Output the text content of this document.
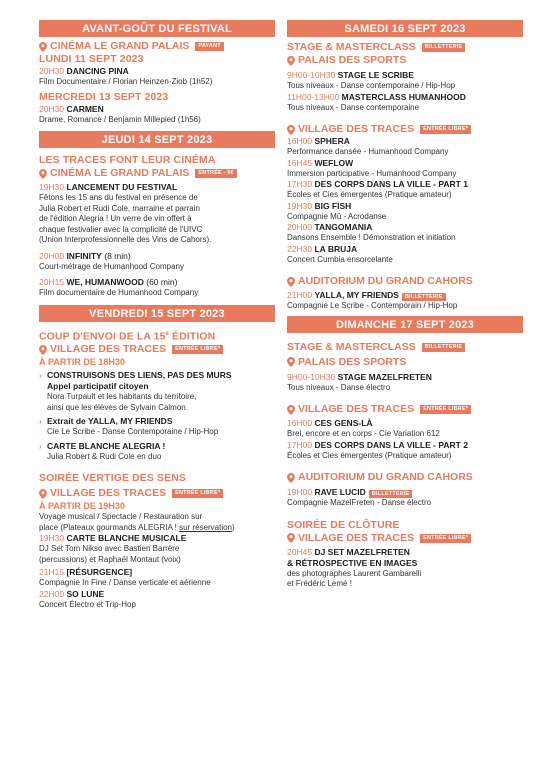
AVANT-GOÛT DU FESTIVAL
CINÉMA LE GRAND PALAIS	PAYANT
LUNDI 11 SEPT 2023
20H30 DANCING PINA
Film Documentaire / Florian Heinzen-Ziob (1h52)
MERCREDI 13 SEPT 2023
20H30 CARMEN
Drame, Romance / Benjamin Millepied (1h56)
JEUDI 14 SEPT 2023
LES TRACES FONT LEUR CINÉMA
CINÉMA LE GRAND PALAIS	ENTRÉE - 6€
19H30 LANCEMENT DU FESTIVAL
Fêtons les 15 ans du festival en présence de
Julia Robert et Rudi Cole, marraine et parrain
de l'édition Alegria ! Un verre de vin offert à
chaque festivalier avec la complicité de l'UIVC
(Union Interprofessionnelle des Vins de Cahors).
20H00 INFINITY (8 min)
Court-métrage de Humanhood Company
20H15 WE, HUMANWOOD (60 min)
Film documentaire de Humanhood Company
VENDREDI 15 SEPT 2023
COUP D'ENVOI DE LA 15e ÉDITION
VILLAGE DES TRACES	ENTRÉE LIBRE*
À PARTIR DE 18H30
› CONSTRUISONS DES LIENS, PAS DES MURS
Appel participatif citoyen
Nora Turpault et les habitants du territoire,
ainsi que les élèves de Sylvain Calmon.
› Extrait de YALLA, MY FRIENDS
Cie Le Scribe - Danse Contemporaine / Hip-Hop
› CARTE BLANCHE ALEGRIA !
Julia Robert & Rudi Cole en duo
SOIRÉE VERTIGE DES SENS
VILLAGE DES TRACES	ENTRÉE LIBRE*
À PARTIR DE 19H30
Voyage musical / Spectacle / Restauration sur
place (Plateaux gourmands ALEGRIA ! sur réservation)
19H30 CARTE BLANCHE MUSICALE
DJ Set Tom Nikso avec Bastien Barrère
(percussions) et Raphaël Montaut (voix)
21H15 [RÉSURGENCE]
Compagnie In Fine / Danse verticale et aérienne
22H00 SO LUNE
Concert Électro et Trip-Hop
SAMEDI 16 SEPT 2023
STAGE & MASTERCLASS	BILLETTERIE
PALAIS DES SPORTS
9H00-10H30 STAGE LE SCRIBE
Tous niveaux - Danse contemporaine / Hip-Hop
11H00-13H00 MASTERCLASS HUMANHOOD
Tous niveaux - Danse contemporaine
VILLAGE DES TRACES	ENTRÉE LIBRE*
16H00 SPHERA
Performance dansée - Humanhood Company
16H45 WEFLOW
Immersion participative - Humanhood Company
17H30 DES CORPS DANS LA VILLE - PART 1
Écoles et Cies émergentes (Pratique amateur)
19H30 BIG FISH
Compagnie Mû - Acrodanse
20H00 TANGOMANIA
Dansons Ensemble ! Démonstration et initiation
22H30 LA BRUJA
Concert Cumbia ensorcelante
AUDITORIUM DU GRAND CAHORS
21H00 YALLA, MY FRIENDS BILLETTERIE
Compagnie Le Scribe - Contemporain / Hip-Hop
DIMANCHE 17 SEPT 2023
STAGE & MASTERCLASS	BILLETTERIE
PALAIS DES SPORTS
9H00-10H30 STAGE MAZELFRETEN
Tous niveaux - Danse électro
VILLAGE DES TRACES	ENTRÉE LIBRE*
16H00 CES GENS-LÀ
Brel, encore et en corps - Cie Variation 612
17H00 DES CORPS DANS LA VILLE - PART 2
Écoles et Cies émergentes (Pratique amateur)
AUDITORIUM DU GRAND CAHORS
19H00 RAVE LUCID BILLETTERIE
Compagnie MazelFreten - Danse électro
SOIRÉE DE CLÔTURE
VILLAGE DES TRACES	ENTRÉE LIBRE*
20H45 DJ SET MAZELFRETEN
& RÉTROSPECTIVE EN IMAGES
des photographes Laurent Gambarelli
et Frédéric Lemé !
